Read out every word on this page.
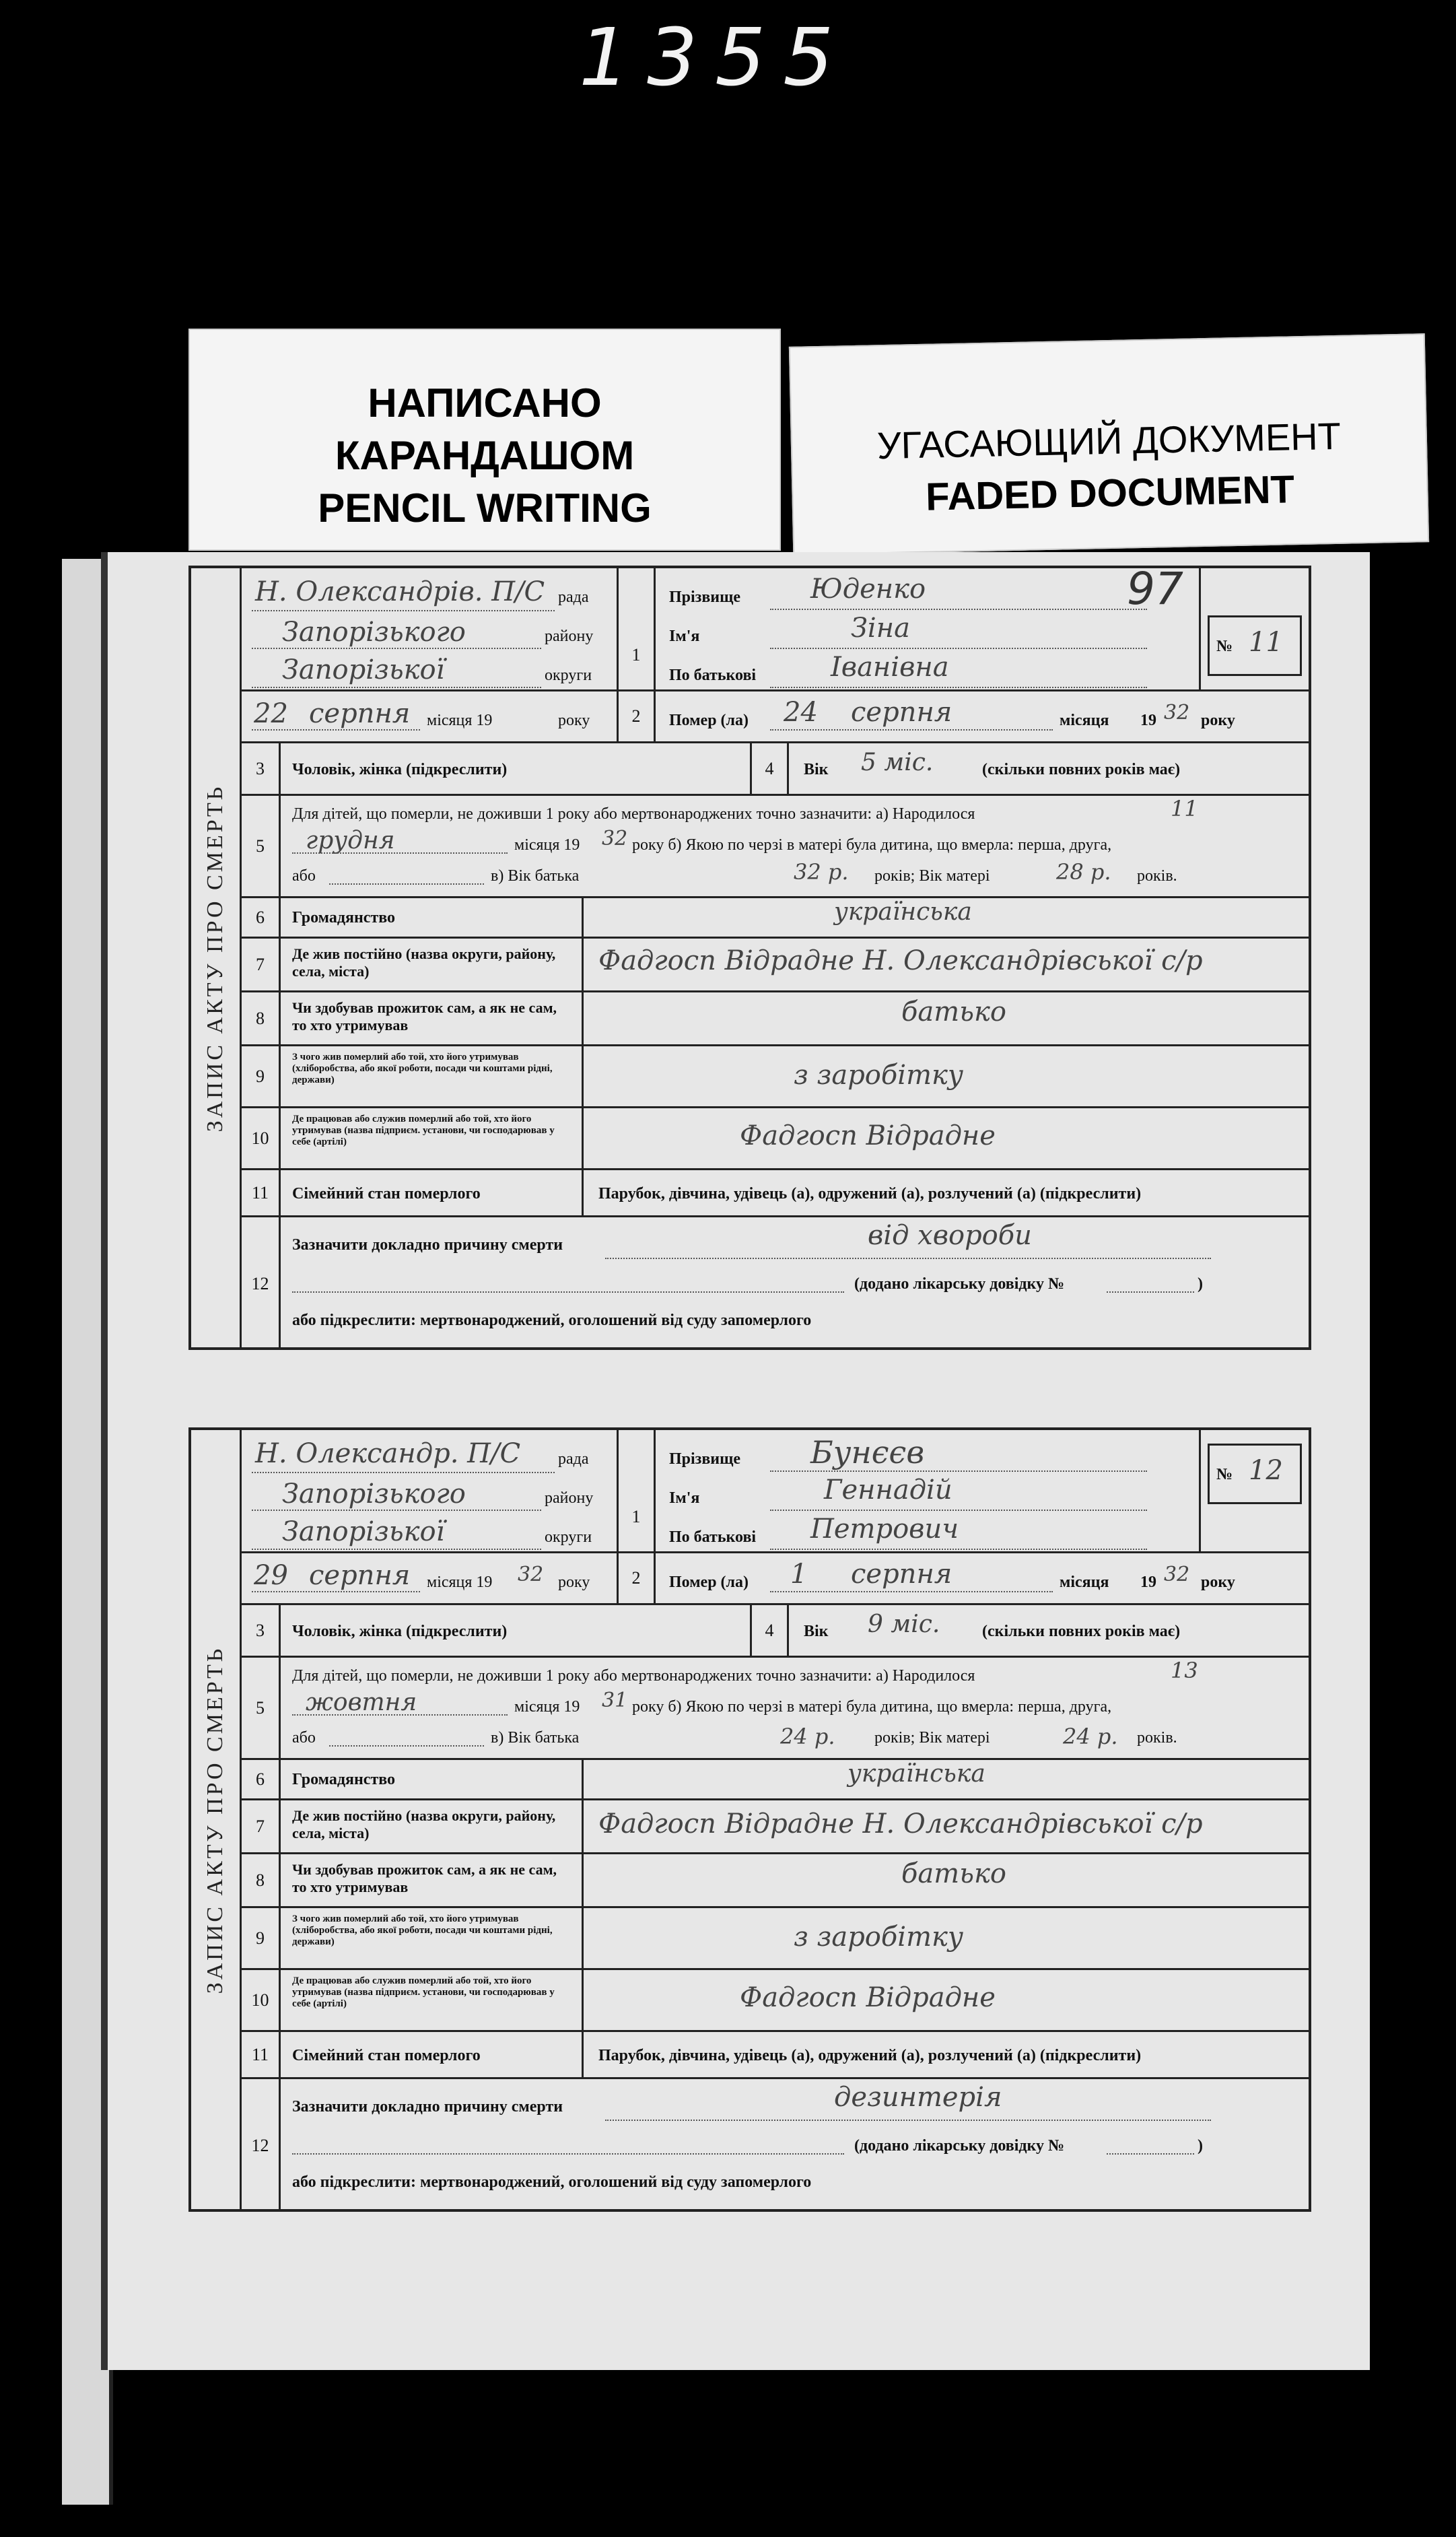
1355
НАПИСАНО
КАРАНДАШОМ
PENCIL WRITING
УГАСАЮЩИЙ ДОКУМЕНТ
FADED DOCUMENT
ЗАПИС АКТУ ПРО СМЕРТЬ
Н. Олександрів. П/С рада
Запорізького	району
Запорізької	округи
1
Прізвище	Юденко
Ім'я	Зіна
По батькові	Іванівна
97
№ 11
22 серпня місяця 19	року	2	Помер (ла) 24 серпня	місяця 19 32 року
3	Чоловік, жінка (підкреслити)	4	Вік 5 міс.	(скільки повних років має)
5
Для дітей, що померли, не доживши 1 року або мертвонароджених точно зазначити: а) Народилося	11
грудня	місяця 19 32 року б) Якою по черзі в матері була дитина, що вмерла: перша, друга,
або	в) Вік батька	32 р. років; Вік матері	28 р. років.
6	Громадянство	українська
7
Де жив постійно (назва округи, району, села, міста)	Фадгосп Відрадне Н. Олександрівської с/р
8
Чи здобував прожиток сам, а як не сам, то хто утримував	батько
9
З чого жив померлий або той, хто його утримував (хліборобства, або якої роботи, посади чи коштами рідні, держави)	з заробітку
10
Де працював або служив померлий або той, хто його утримував (назва підприєм. установи, чи господарював у себе (артілі)	Фадгосп Відрадне
11	Сімейний стан померлого	Парубок, дівчина, удівець (а), одружений (а), розлучений (а) (підкреслити)
12
Зазначити докладно причину смерти	від хвороби
(додано лікарську довідку №	)
або підкреслити: мертвонароджений, оголошений від суду запомерлого
ЗАПИС АКТУ ПРО СМЕРТЬ
Н. Олександр. П/С рада
Запорізького	району
Запорізької	округи
1
Прізвище Бунєєв
Ім'я	Геннадій
По батькові Петрович
№ 12
29 серпня місяця 19 32 року	2	Помер (ла) 1 серпня	місяця 19 32 року
3	Чоловік, жінка (підкреслити)	4	Вік 9 міс.	(скільки повних років має)
5
Для дітей, що померли, не доживши 1 року або мертвонароджених точно зазначити: а) Народилося	13
жовтня	місяця 19 31 року б) Якою по черзі в матері була дитина, що вмерла: перша, друга,
або	в) Вік батька	24 р. років; Вік матері	24 р. років.
6	Громадянство	українська
7
Де жив постійно (назва округи, району, села, міста)	Фадгосп Відрадне Н. Олександрівської с/р
8
Чи здобував прожиток сам, а як не сам, то хто утримував	батько
9
З чого жив померлий або той, хто його утримував (хліборобства, або якої роботи, посади чи коштами рідні, держави)	з заробітку
10
Де працював або служив померлий або той, хто його утримував (назва підприєм. установи, чи господарював у себе (артілі)	Фадгосп Відрадне
11	Сімейний стан померлого	Парубок, дівчина, удівець (а), одружений (а), розлучений (а) (підкреслити)
12
Зазначити докладно причину смерти	дезинтерія
(додано лікарську довідку №	)
або підкреслити: мертвонароджений, оголошений від суду запомерлого
